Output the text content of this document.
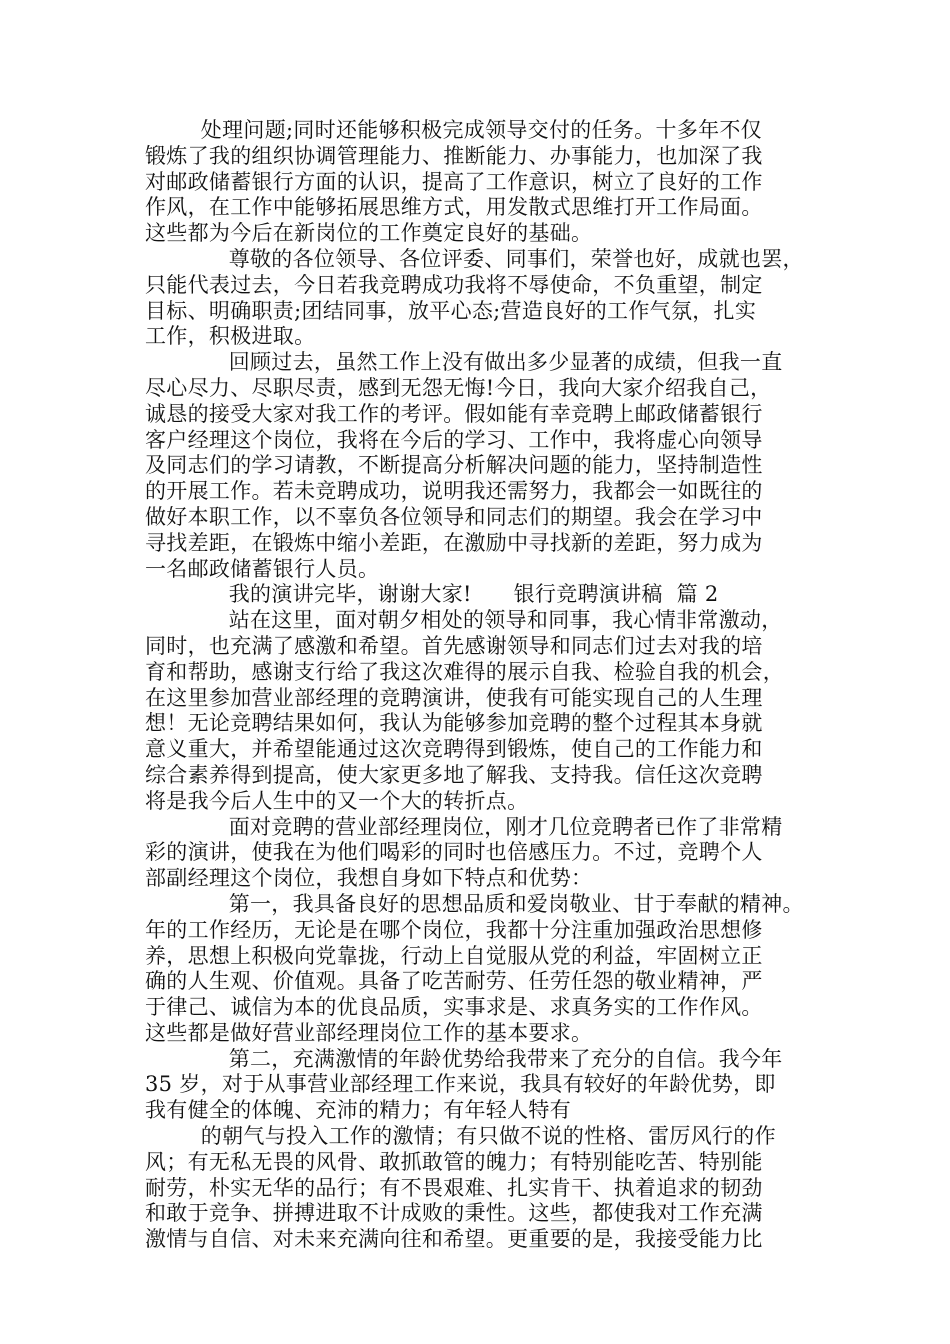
处理问题;同时还能够积极完成领导交付的任务。十多年不仅
锻炼了我的组织协调管理能力、推断能力、办事能力，也加深了我
对邮政储蓄银行方面的认识，提高了工作意识，树立了良好的工作
作风，在工作中能够拓展思维方式，用发散式思维打开工作局面。
这些都为今后在新岗位的工作奠定良好的基础。
尊敬的各位领导、各位评委、同事们，荣誉也好，成就也罢，
只能代表过去，今日若我竞聘成功我将不辱使命，不负重望，制定
目标、明确职责;团结同事，放平心态;营造良好的工作气氛，扎实
工作，积极进取。
回顾过去，虽然工作上没有做出多少显著的成绩，但我一直
尽心尽力、尽职尽责，感到无怨无悔!今日，我向大家介绍我自己，
诚恳的接受大家对我工作的考评。假如能有幸竞聘上邮政储蓄银行
客户经理这个岗位，我将在今后的学习、工作中，我将虚心向领导
及同志们的学习请教，不断提高分析解决问题的能力，坚持制造性
的开展工作。若未竞聘成功，说明我还需努力，我都会一如既往的
做好本职工作，以不辜负各位领导和同志们的期望。我会在学习中
寻找差距，在锻炼中缩小差距，在激励中寻找新的差距，努力成为
一名邮政储蓄银行人员。
我的演讲完毕，谢谢大家!      银行竞聘演讲稿  篇 2
站在这里，面对朝夕相处的领导和同事，我心情非常激动，
同时，也充满了感激和希望。首先感谢领导和同志们过去对我的培
育和帮助，感谢支行给了我这次难得的展示自我、检验自我的机会，
在这里参加营业部经理的竞聘演讲，使我有可能实现自己的人生理
想！无论竞聘结果如何，我认为能够参加竞聘的整个过程其本身就
意义重大，并希望能通过这次竞聘得到锻炼，使自己的工作能力和
综合素养得到提高，使大家更多地了解我、支持我。信任这次竞聘
将是我今后人生中的又一个大的转折点。
面对竞聘的营业部经理岗位，刚才几位竞聘者已作了非常精
彩的演讲，使我在为他们喝彩的同时也倍感压力。不过，竞聘个人
部副经理这个岗位，我想自身如下特点和优势：
第一，我具备良好的思想品质和爱岗敬业、甘于奉献的精神。
年的工作经历，无论是在哪个岗位，我都十分注重加强政治思想修
养，思想上积极向党靠拢，行动上自觉服从党的利益，牢固树立正
确的人生观、价值观。具备了吃苦耐劳、任劳任怨的敬业精神，严
于律己、诚信为本的优良品质，实事求是、求真务实的工作作风。
这些都是做好营业部经理岗位工作的基本要求。
第二，充满激情的年龄优势给我带来了充分的自信。我今年
35 岁，对于从事营业部经理工作来说，我具有较好的年龄优势，即
我有健全的体魄、充沛的精力；有年轻人特有
的朝气与投入工作的激情；有只做不说的性格、雷厉风行的作
风；有无私无畏的风骨、敢抓敢管的魄力；有特别能吃苦、特别能
耐劳，朴实无华的品行；有不畏艰难、扎实肯干、执着追求的韧劲
和敢于竞争、拼搏进取不计成败的秉性。这些，都使我对工作充满
激情与自信、对未来充满向往和希望。更重要的是，我接受能力比
